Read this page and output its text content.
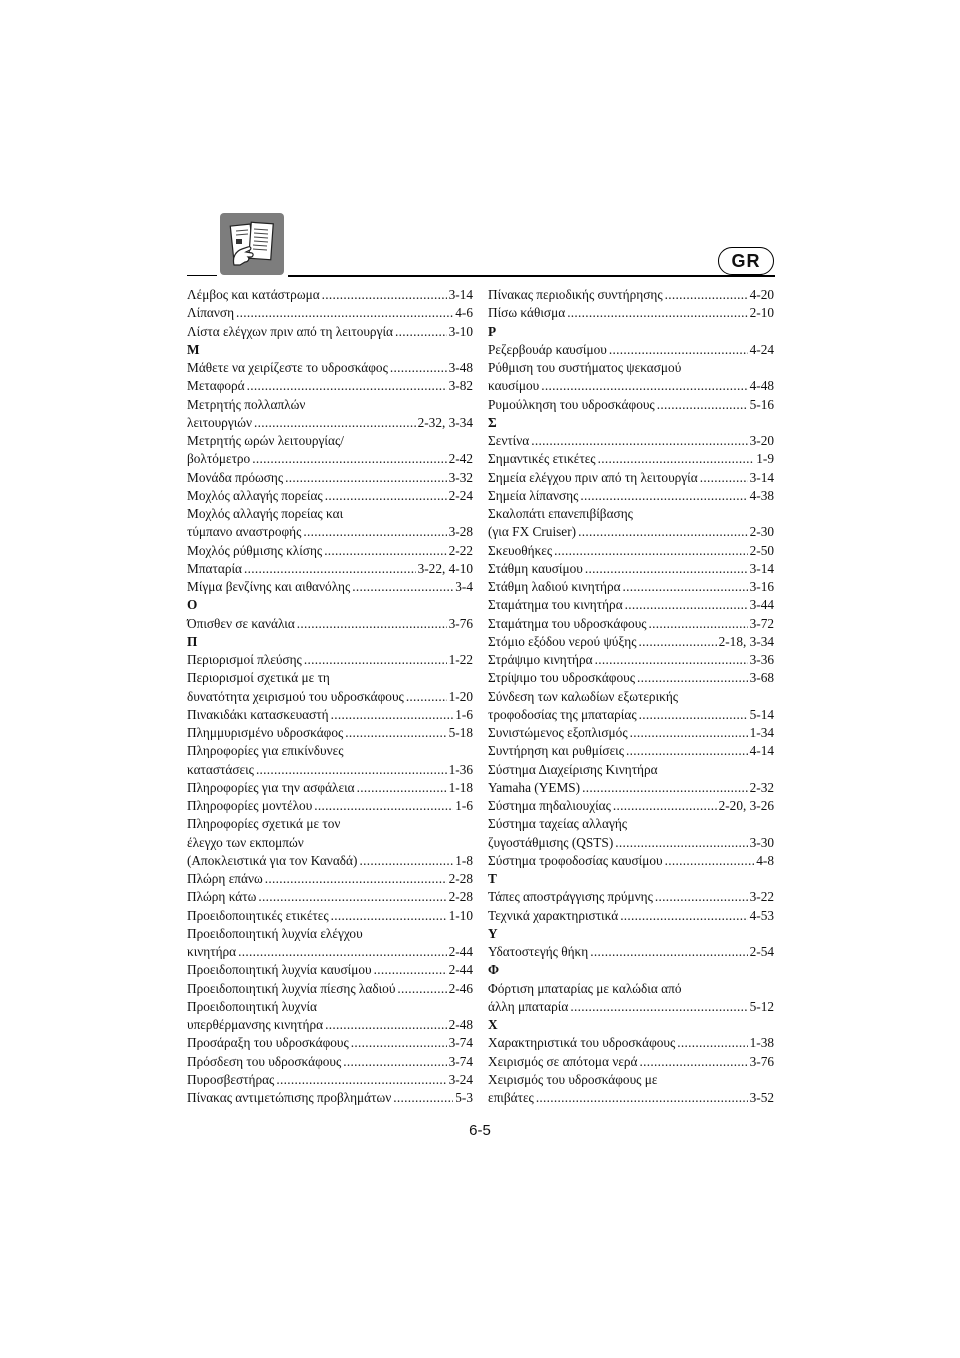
GR
Λέμβος και κατάστρωμα .....	3-14
Λίπανση .....	4-6
Λίστα ελέγχων πριν από τη λειτουργία .....	3-10
Μ
Μάθετε να χειρίζεστε το υδροσκάφος .....	3-48
Μεταφορά .....	3-82
Μετρητής πολλαπλών
λειτουργιών .....	2-32, 3-34
Μετρητής ωρών λειτουργίας/
βολτόμετρο .....	2-42
Μονάδα πρόωσης .....	3-32
Μοχλός αλλαγής πορείας .....	2-24
Μοχλός αλλαγής πορείας και
τύμπανο αναστροφής .....	3-28
Μοχλός ρύθμισης κλίσης .....	2-22
Μπαταρία .....	3-22, 4-10
Μίγμα βενζίνης και αιθανόλης .....	3-4
Ο
Όπισθεν σε κανάλια .....	3-76
Π
Περιορισμοί πλεύσης .....	1-22
Περιορισμοί σχετικά με τη
δυνατότητα χειρισμού του υδροσκάφους .....	1-20
Πινακιδάκι κατασκευαστή .....	1-6
Πλημμυρισμένο υδροσκάφος .....	5-18
Πληροφορίες για επικίνδυνες
καταστάσεις .....	1-36
Πληροφορίες για την ασφάλεια .....	1-18
Πληροφορίες μοντέλου .....	1-6
Πληροφορίες σχετικά με τον
έλεγχο των εκπομπών
(Αποκλειστικά για τον Καναδά) .....	1-8
Πλώρη επάνω .....	2-28
Πλώρη κάτω .....	2-28
Προειδοποιητικές ετικέτες .....	1-10
Προειδοποιητική λυχνία ελέγχου
κινητήρα .....	2-44
Προειδοποιητική λυχνία καυσίμου .....	2-44
Προειδοποιητική λυχνία πίεσης λαδιού .....	2-46
Προειδοποιητική λυχνία
υπερθέρμανσης κινητήρα .....	2-48
Προσάραξη του υδροσκάφους .....	3-74
Πρόσδεση του υδροσκάφους .....	3-74
Πυροσβεστήρας .....	3-24
Πίνακας αντιμετώπισης προβλημάτων .....	5-3
Πίνακας περιοδικής συντήρησης .....	4-20
Πίσω κάθισμα .....	2-10
Ρ
Ρεζερβουάρ καυσίμου .....	4-24
Ρύθμιση του συστήματος ψεκασμού
καυσίμου .....	4-48
Ρυμούλκηση του υδροσκάφους .....	5-16
Σ
Σεντίνα .....	3-20
Σημαντικές ετικέτες .....	1-9
Σημεία ελέγχου πριν από τη λειτουργία .....	3-14
Σημεία λίπανσης .....	4-38
Σκαλοπάτι επανεπιβίβασης
(για FX Cruiser) .....	2-30
Σκευοθήκες .....	2-50
Στάθμη καυσίμου .....	3-14
Στάθμη λαδιού κινητήρα .....	3-16
Σταμάτημα του κινητήρα .....	3-44
Σταμάτημα του υδροσκάφους .....	3-72
Στόμιο εξόδου νερού ψύξης .....	2-18, 3-34
Στράψιμο κινητήρα .....	3-36
Στρίψιμο του υδροσκάφους .....	3-68
Σύνδεση των καλωδίων εξωτερικής
τροφοδοσίας της μπαταρίας .....	5-14
Συνιστώμενος εξοπλισμός .....	1-34
Συντήρηση και ρυθμίσεις .....	4-14
Σύστημα Διαχείρισης Κινητήρα
Yamaha (YEMS) .....	2-32
Σύστημα πηδαλιουχίας .....	2-20, 3-26
Σύστημα ταχείας αλλαγής
ζυγοστάθμισης (QSTS) .....	3-30
Σύστημα τροφοδοσίας καυσίμου .....	4-8
Τ
Τάπες αποστράγγισης πρύμνης .....	3-22
Τεχνικά χαρακτηριστικά .....	4-53
Υ
Υδατοστεγής θήκη .....	2-54
Φ
Φόρτιση μπαταρίας με καλώδια από
άλλη μπαταρία .....	5-12
Χ
Χαρακτηριστικά του υδροσκάφους .....	1-38
Χειρισμός σε απότομα νερά .....	3-76
Χειρισμός του υδροσκάφους με
επιβάτες .....	3-52
6-5
